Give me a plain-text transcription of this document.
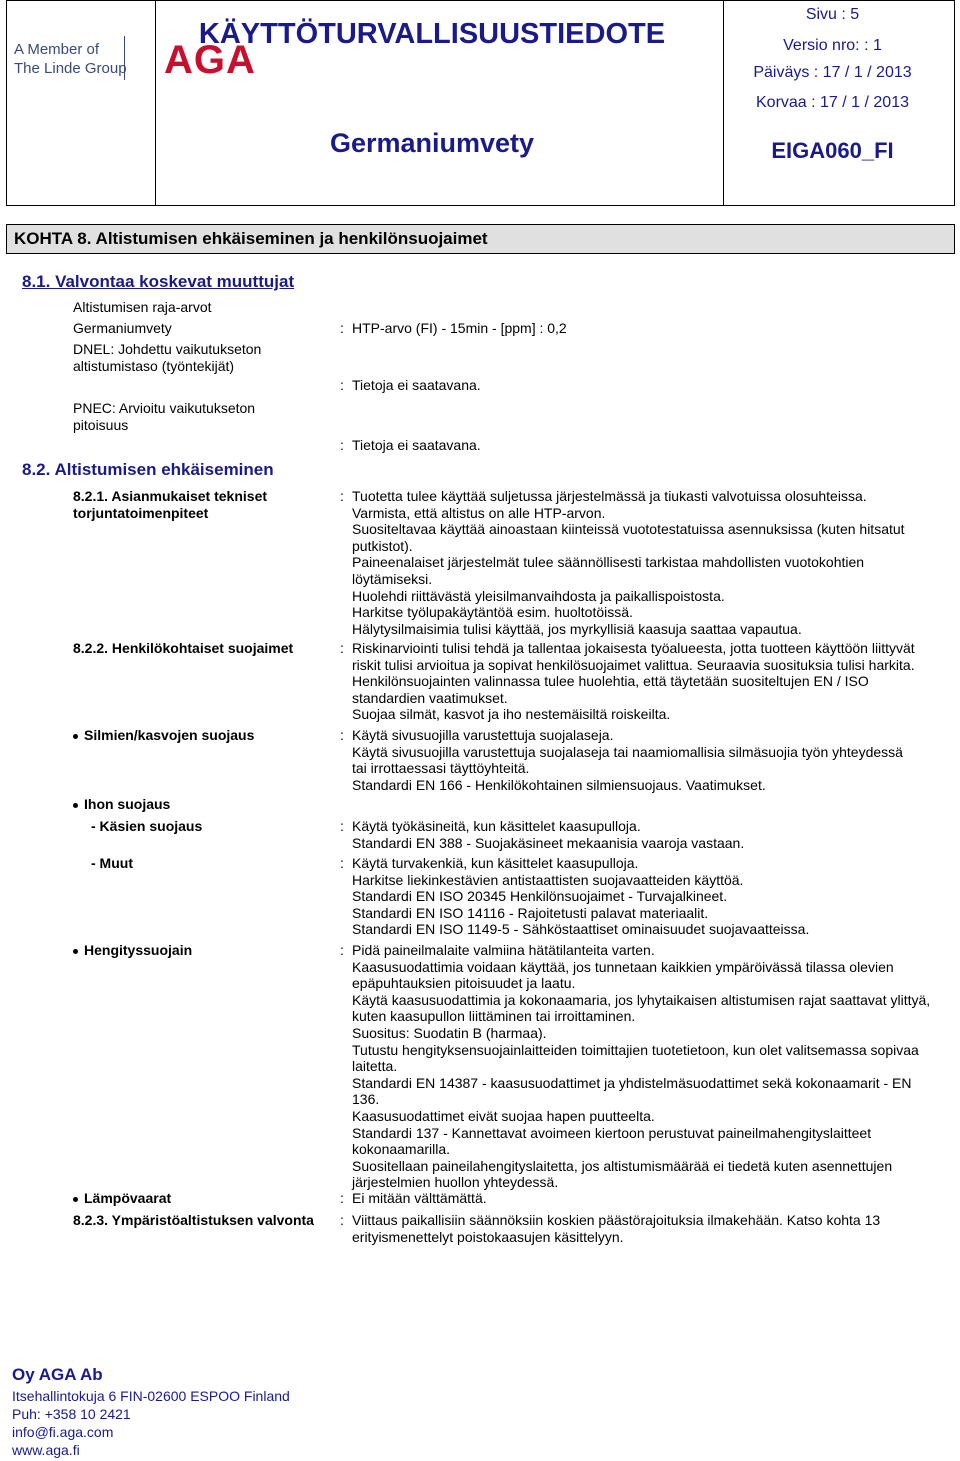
A Member of
The Linde Group AGA
KÄYTTÖTURVALLISUUSTIEDOTE
Germaniumvety
Sivu : 5
Versio nro: : 1
Päiväys : 17 / 1 / 2013
Korvaa : 17 / 1 / 2013
EIGA060_FI
KOHTA 8. Altistumisen ehkäiseminen ja henkilönsuojaimet
8.1. Valvontaa koskevat muuttujat
Altistumisen raja-arvot
Germaniumvety	: HTP-arvo (FI) - 15min - [ppm] : 0,2
DNEL: Johdettu vaikutukseton
altistumistaso (työntekijät)
: Tietoja ei saatavana.
PNEC: Arvioitu vaikutukseton
pitoisuus
: Tietoja ei saatavana.
8.2. Altistumisen ehkäiseminen
8.2.1. Asianmukaiset tekniset
torjuntatoimenpiteet
: Tuotetta tulee käyttää suljetussa järjestelmässä ja tiukasti valvotuissa olosuhteissa.
Varmista, että altistus on alle HTP-arvon.
Suositeltavaa käyttää ainoastaan kiinteissä vuototestatuissa asennuksissa (kuten hitsatut
putkistot).
Paineenalaiset järjestelmät tulee säännöllisesti tarkistaa mahdollisten vuotokohtien
löytämiseksi.
Huolehdi riittävästä yleisilmanvaihdosta ja paikallispoistosta.
Harkitse työlupakäytäntöä esim. huoltotöissä.
Hälytysilmaisimia tulisi käyttää, jos myrkyllisiä kaasuja saattaa vapautua.
8.2.2. Henkilökohtaiset suojaimet	: Riskinarviointi tulisi tehdä ja tallentaa jokaisesta työalueesta, jotta tuotteen käyttöön liittyvät
riskit tulisi arvioitua ja sopivat henkilösuojaimet valittua. Seuraavia suosituksia tulisi harkita.
Henkilönsuojainten valinnassa tulee huolehtia, että täytetään suositeltujen EN / ISO
standardien vaatimukset.
Suojaa silmät, kasvot ja iho nestemäisiltä roiskeilta.
Silmien/kasvojen suojaus	: Käytä sivusuojilla varustettuja suojalaseja.
Käytä sivusuojilla varustettuja suojalaseja tai naamiomallisia silmäsuojia työn yhteydessä
tai irrottaessasi täyttöyhteitä.
Standardi EN 166 - Henkilökohtainen silmiensuojaus. Vaatimukset.
Ihon suojaus
- Käsien suojaus	: Käytä työkäsineitä, kun käsittelet kaasupulloja.
Standardi EN 388 - Suojakäsineet mekaanisia vaaroja vastaan.
- Muut	: Käytä turvakenkiä, kun käsittelet kaasupulloja.
Harkitse liekinkestävien antistaattisten suojavaatteiden käyttöä.
Standardi EN ISO 20345 Henkilönsuojaimet - Turvajalkineet.
Standardi EN ISO 14116 - Rajoitetusti palavat materiaalit.
Standardi EN ISO 1149-5 - Sähköstaattiset ominaisuudet suojavaatteissa.
Hengityssuojain	: Pidä paineilmalaite valmiina hätätilanteita varten.
Kaasusuodattimia voidaan käyttää, jos tunnetaan kaikkien ympäröivässä tilassa olevien
epäpuhtauksien pitoisuudet ja laatu.
Käytä kaasusuodattimia ja kokonaamaria, jos lyhytaikaisen altistumisen rajat saattavat ylittyä,
kuten kaasupullon liittäminen tai irroittaminen.
Suositus: Suodatin B (harmaa).
Tutustu hengityksensuojainlaitteiden toimittajien tuotetietoon, kun olet valitsemassa sopivaa
laitetta.
Standardi EN 14387 - kaasusuodattimet ja yhdistelmäsuodattimet sekä kokonaamarit - EN
136.
Kaasusuodattimet eivät suojaa hapen puutteelta.
Standardi 137 - Kannettavat avoimeen kiertoon perustuvat paineilmahengityslaitteet
kokonaamarilla.
Suositellaan paineilahengityslaitetta, jos altistumismäärää ei tiedetä kuten asennettujen
järjestelmien huollon yhteydessä.
Lämpövaarat	: Ei mitään välttämättä.
8.2.3. Ympäristöaltistuksen valvonta	: Viittaus paikallisiin säännöksiin koskien päästörajoituksia ilmakehään. Katso kohta 13
erityismenettelyt poistokaasujen käsittelyyn.
Oy AGA Ab
Itsehallintokuja 6 FIN-02600 ESPOO Finland
Puh: +358 10 2421
info@fi.aga.com
www.aga.fi
